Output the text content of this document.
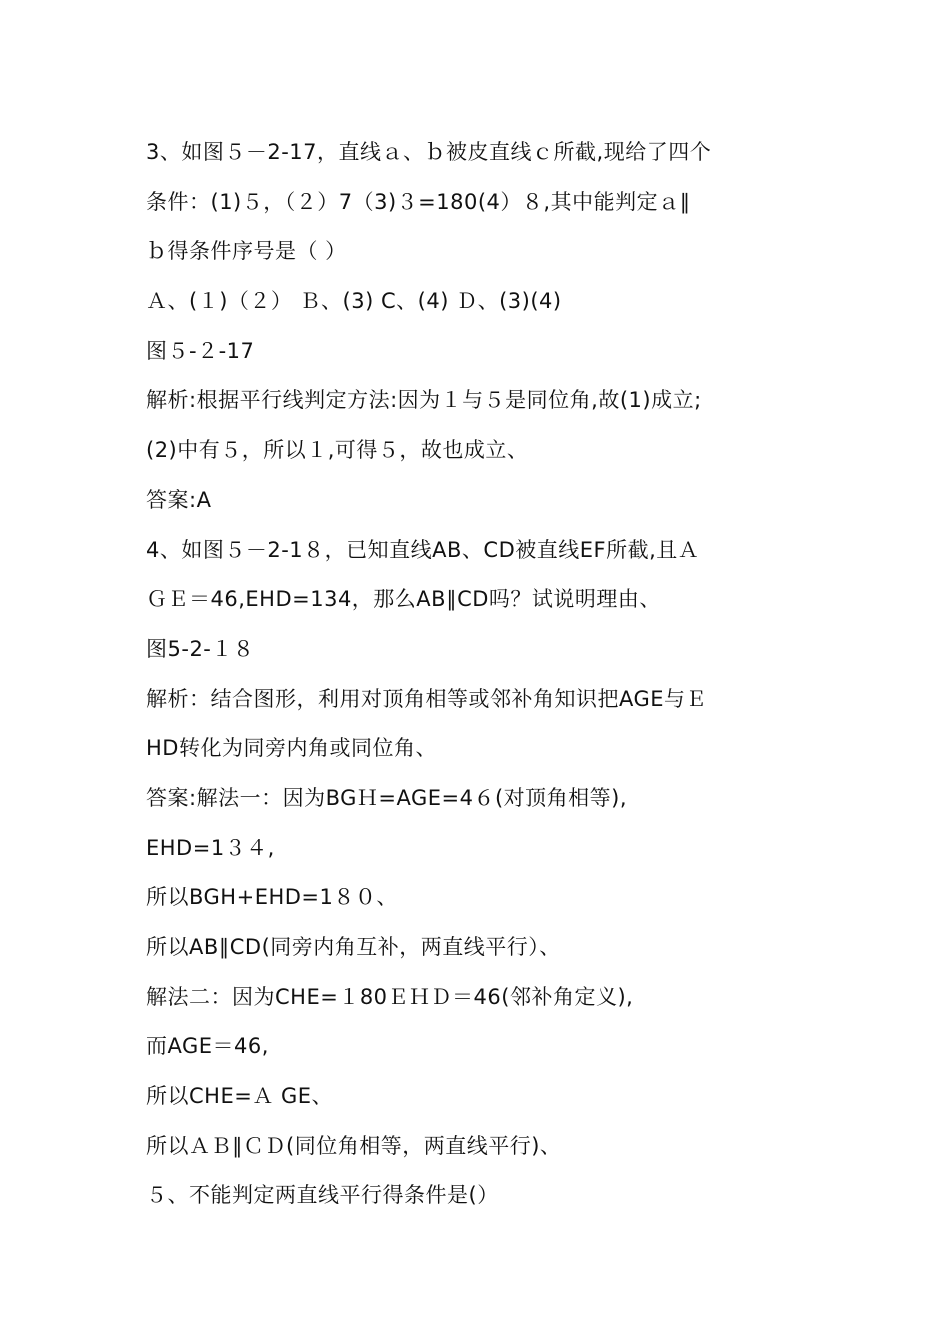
3、如图５－2-17，直线ａ、ｂ被皮直线ｃ所截,现给了四个
条件：(1)５，（２）7（3)３=180(4）８,其中能判定ａ∥
ｂ得条件序号是（ ）
Ａ、(１)（２） Ｂ、(3) C、(4) Ｄ、(3)(4)
图５-２-17
解析:根据平行线判定方法:因为１与５是同位角,故(1)成立;
(2)中有５，所以１,可得５，故也成立、
答案:A
4、如图５－2-1８，已知直线AB、CD被直线EF所截,且Ａ
ＧＥ＝46,EHD=134，那么AB∥CD吗？试说明理由、
图5-2-１８
解析：结合图形，利用对顶角相等或邻补角知识把AGE与Ｅ
HD转化为同旁内角或同位角、
答案:解法一：因为BGＨ=AGE=4６(对顶角相等),
EHD=1３４,
所以BGH+EHD=1８０、
所以AB∥CD(同旁内角互补，两直线平行）、
解法二：因为CHE=１80ＥＨＤ＝46(邻补角定义),
而AGE＝46,
所以CHE=Ａ GE、
所以ＡＢ∥ＣＤ(同位角相等，两直线平行)、
５、不能判定两直线平行得条件是(）
